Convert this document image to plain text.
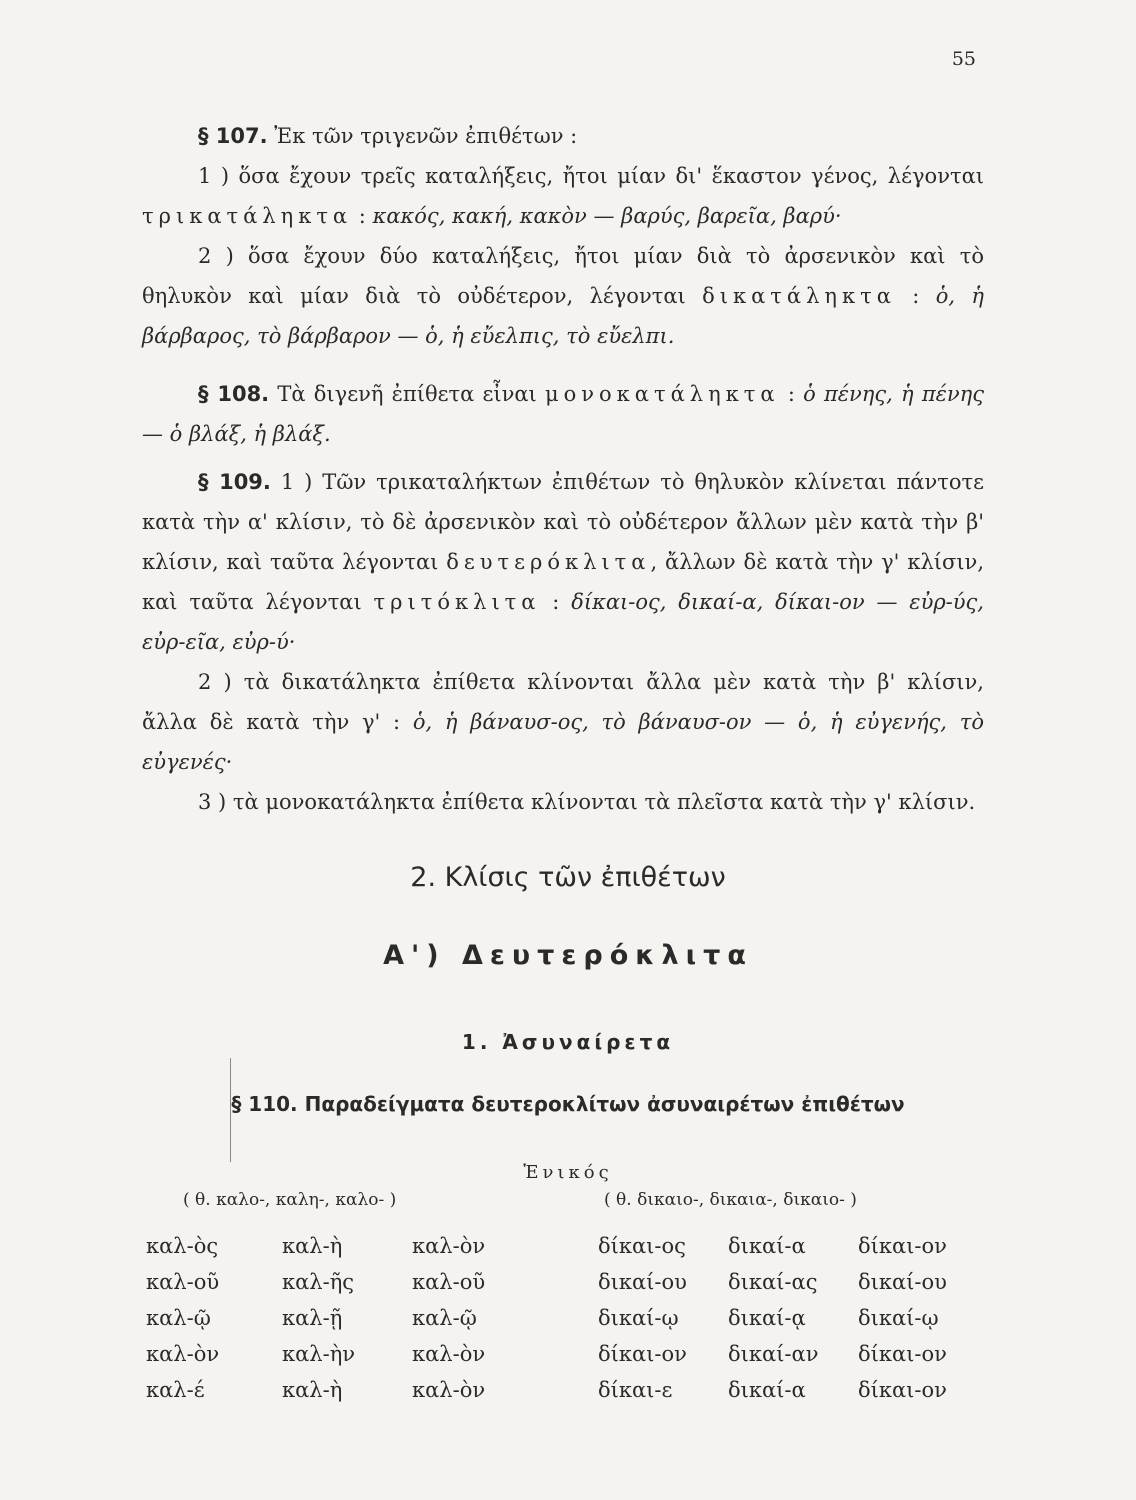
55
§ 107. Ἐκ τῶν τριγενῶν ἐπιθέτων :
1 ) ὅσα ἔχουν τρεῖς καταλήξεις, ἤτοι μίαν δι' ἕκαστον γένος, λέγονται τρικατάληκτα : κακός, κακή, κακὸν — βαρύς, βαρεῖα, βαρύ·
2 ) ὅσα ἔχουν δύο καταλήξεις, ἤτοι μίαν διὰ τὸ ἀρσενικὸν καὶ τὸ θηλυκὸν καὶ μίαν διὰ τὸ οὐδέτερον, λέγονται δικατάληκτα : ὁ, ἡ βάρβαρος, τὸ βάρβαρον — ὁ, ἡ εὔελπις, τὸ εὔελπι.
§ 108. Τὰ διγενῆ ἐπίθετα εἶναι μονοκατάληκτα : ὁ πένης, ἡ πένης — ὁ βλάξ, ἡ βλάξ.
§ 109. 1 ) Τῶν τρικαταλήκτων ἐπιθέτων τὸ θηλυκὸν κλίνεται πάντοτε κατὰ τὴν α' κλίσιν, τὸ δὲ ἀρσενικὸν καὶ τὸ οὐδέτερον ἄλλων μὲν κατὰ τὴν β' κλίσιν, καὶ ταῦτα λέγονται δευτερόκλιτα, ἄλλων δὲ κατὰ τὴν γ' κλίσιν, καὶ ταῦτα λέγονται τριτόκλιτα : δίκαι-ος, δικαί-α, δίκαι-ον — εὐρ-ύς, εὐρ-εῖα, εὐρ-ύ·
2 ) τὰ δικατάληκτα ἐπίθετα κλίνονται ἄλλα μὲν κατὰ τὴν β' κλίσιν, ἄλλα δὲ κατὰ τὴν γ' : ὁ, ἡ βάναυσ-ος, τὸ βάναυσ-ον — ὁ, ἡ εὐγενής, τὸ εὐγενές·
3 ) τὰ μονοκατάληκτα ἐπίθετα κλίνονται τὰ πλεῖστα κατὰ τὴν γ' κλίσιν.
2. Κλίσις τῶν ἐπιθέτων
Α') Δευτερόκλιτα
1. Ἀσυναίρετα
§ 110. Παραδείγματα δευτεροκλίτων ἀσυναιρέτων ἐπιθέτων
Ἑνικός
( θ. καλο-, καλη-, καλο- )	( θ. δικαιο-, δικαια-, δικαιο- )
καλ-ὸς
καλ-οῦ
καλ-ῷ
καλ-ὸν
καλ-έ
καλ-ὴ
καλ-ῆς
καλ-ῇ
καλ-ὴν
καλ-ὴ
καλ-ὸν
καλ-οῦ
καλ-ῷ
καλ-ὸν
καλ-ὸν
δίκαι-ος
δικαί-ου
δικαί-ῳ
δίκαι-ον
δίκαι-ε
δικαί-α
δικαί-ας
δικαί-ᾳ
δικαί-αν
δικαί-α
δίκαι-ον
δικαί-ου
δικαί-ῳ
δίκαι-ον
δίκαι-ον
